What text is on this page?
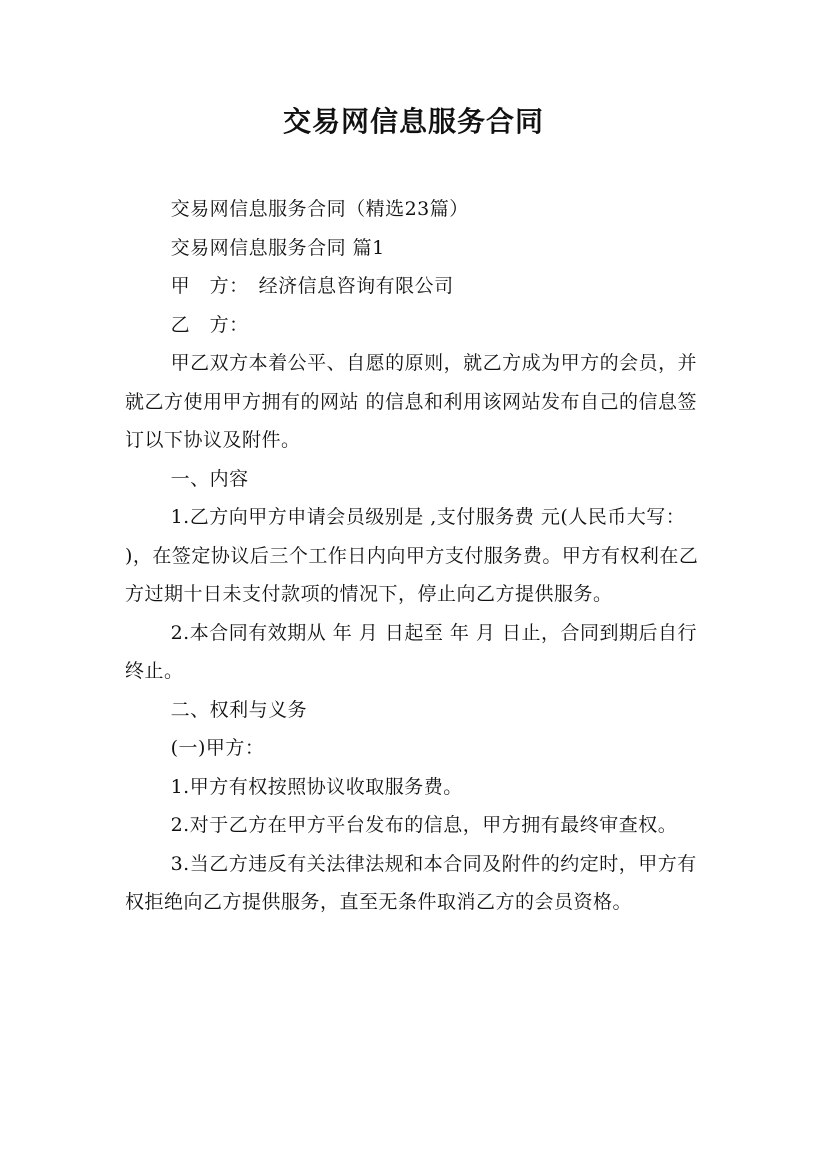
交易网信息服务合同

交易网信息服务合同（精选23篇）

交易网信息服务合同 篇1

甲　方：　经济信息咨询有限公司

乙　方：

甲乙双方本着公平、自愿的原则，就乙方成为甲方的会员，并就乙方使用甲方拥有的网站 的信息和利用该网站发布自己的信息签订以下协议及附件。

一、内容

1.乙方向甲方申请会员级别是 ,支付服务费 元(人民币大写： )，在签定协议后三个工作日内向甲方支付服务费。甲方有权利在乙方过期十日未支付款项的情况下，停止向乙方提供服务。

2.本合同有效期从 年 月 日起至 年 月 日止，合同到期后自行终止。

二、权利与义务

(一)甲方：

1.甲方有权按照协议收取服务费。

2.对于乙方在甲方平台发布的信息，甲方拥有最终审查权。

3.当乙方违反有关法律法规和本合同及附件的约定时，甲方有权拒绝向乙方提供服务，直至无条件取消乙方的会员资格。
